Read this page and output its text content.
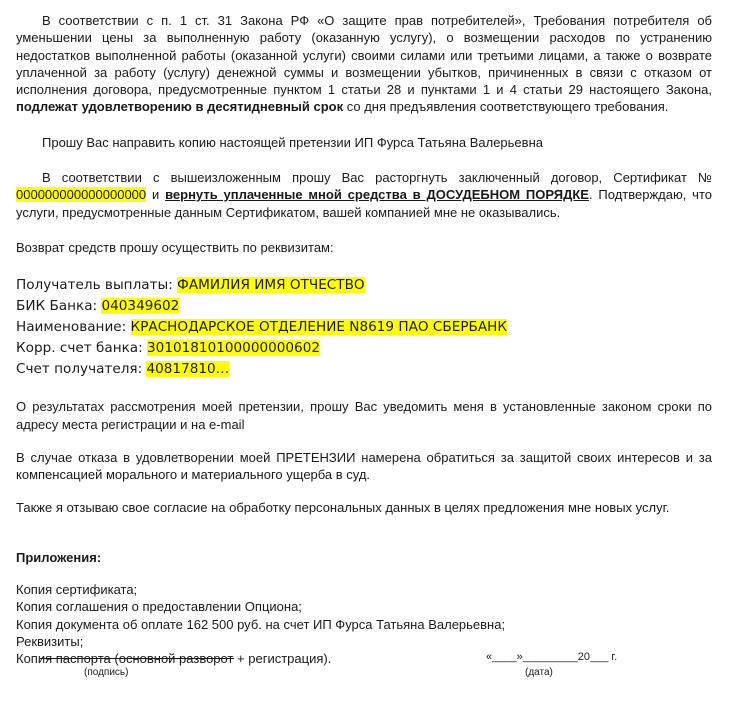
В соответствии с п. 1 ст. 31 Закона РФ «О защите прав потребителей», Требования потребителя об уменьшении цены за выполненную работу (оказанную услугу), о возмещении расходов по устранению недостатков выполненной работы (оказанной услуги) своими силами или третьими лицами, а также о возврате уплаченной за работу (услугу) денежной суммы и возмещении убытков, причиненных в связи с отказом от исполнения договора, предусмотренные пунктом 1 статьи 28 и пунктами 1 и 4 статьи 29 настоящего Закона, подлежат удовлетворению в десятидневный срок со дня предъявления соответствующего требования.

Прошу Вас направить копию настоящей претензии ИП Фурса Татьяна Валерьевна

В соответствии с вышеизложенным прошу Вас расторгнуть заключенный договор, Сертификат № 000000000000000000 и вернуть уплаченные мной средства в ДОСУДЕБНОМ ПОРЯДКЕ. Подтверждаю, что услуги, предусмотренные данным Сертификатом, вашей компанией мне не оказывались.

Возврат средств прошу осуществить по реквизитам:

Получатель выплаты: ФАМИЛИЯ ИМЯ ОТЧЕСТВО

БИК Банка: 040349602

Наименование: КРАСНОДАРСКОЕ ОТДЕЛЕНИЕ N8619 ПАО СБЕРБАНК

Корр. счет банка: 30101810100000000602

Счет получателя: 40817810…

О результатах рассмотрения моей претензии, прошу Вас уведомить меня в установленные законом сроки по адресу места регистрации и на e-mail

В случае отказа в удовлетворении моей ПРЕТЕНЗИИ намерена обратиться за защитой своих интересов и за компенсацией морального и материального ущерба в суд.

Также я отзываю свое согласие на обработку персональных данных в целях предложения мне новых услуг.

Приложения:

Копия сертификата;

Копия соглашения о предоставлении Опциона;

Копия документа об оплате 162 500 руб. на счет ИП Фурса Татьяна Валерьевна;

Реквизиты;

Копия паспорта (основной разворот + регистрация).

(подпись)
«____»_________20___ г.
(дата)
